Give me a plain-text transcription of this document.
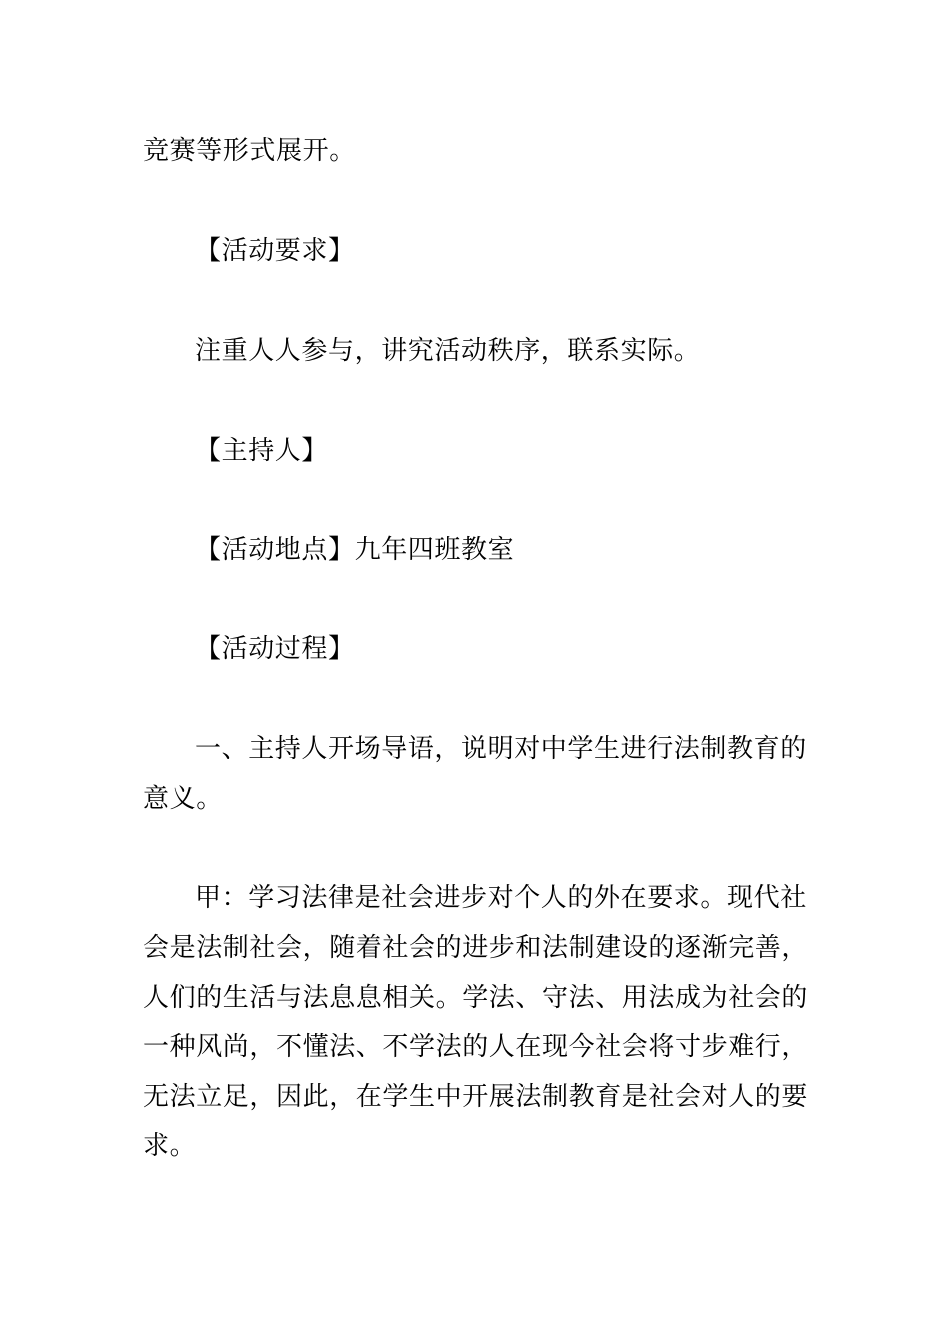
竞赛等形式展开。
【活动要求】
注重人人参与，讲究活动秩序，联系实际。
【主持人】
【活动地点】九年四班教室
【活动过程】
一、主持人开场导语，说明对中学生进行法制教育的
意义。
甲：学习法律是社会进步对个人的外在要求。现代社
会是法制社会，随着社会的进步和法制建设的逐渐完善，
人们的生活与法息息相关。学法、守法、用法成为社会的
一种风尚，不懂法、不学法的人在现今社会将寸步难行，
无法立足，因此，在学生中开展法制教育是社会对人的要
求。
